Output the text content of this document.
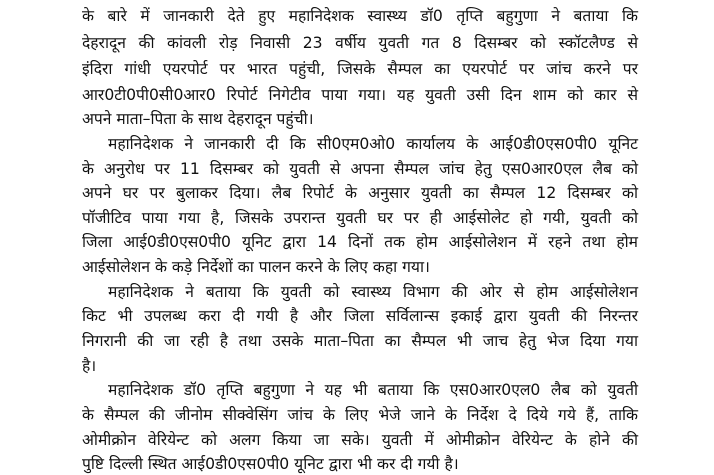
के बारे में जानकारी देते हुए महानिदेशक स्वास्थ्य डॉ0 तृप्ति बहुगुणा ने बताया कि
देहरादून की कांवली रोड़ निवासी 23 वर्षीय युवती गत 8 दिसम्बर को स्कॉटलैण्ड से
इंदिरा गांधी एयरपोर्ट पर भारत पहुंची, जिसके सैम्पल का एयरपोर्ट पर जांच करने पर
आर0टी0पी0सी0आर0 रिपोर्ट निगेटीव पाया गया। यह युवती उसी दिन शाम को कार से
अपने माता–पिता के साथ देहरादून पहुंची।
महानिदेशक ने जानकारी दी कि सी0एम0ओ0 कार्यालय के आई0डी0एस0पी0 यूनिट
के अनुरोध पर 11 दिसम्बर को युवती से अपना सैम्पल जांच हेतु एस0आर0एल लैब को
अपने घर पर बुलाकर दिया। लैब रिपोर्ट के अनुसार युवती का सैम्पल 12 दिसम्बर को
पॉजीटिव पाया गया है, जिसके उपरान्त युवती घर पर ही आईसोलेट हो गयी, युवती को
जिला आई0डी0एस0पी0 यूनिट द्वारा 14 दिनों तक होम आईसोलेशन में रहने तथा होम
आईसोलेशन के कड़े निर्देशों का पालन करने के लिए कहा गया।
महानिदेशक ने बताया कि युवती को स्वास्थ्य विभाग की ओर से होम आईसोलेशन
किट भी उपलब्ध करा दी गयी है और जिला सर्विलान्स इकाई द्वारा युवती की निरन्तर
निगरानी की जा रही है तथा उसके माता–पिता का सैम्पल भी जाच हेतु भेज दिया गया
है।
महानिदेशक डॉ0 तृप्ति बहुगुणा ने यह भी बताया कि एस0आर0एल0 लैब को युवती
के सैम्पल की जीनोम सीक्वेसिंग जांच के लिए भेजे जाने के निर्देश दे दिये गये हैं, ताकि
ओमीक्रोन वेरियेन्ट को अलग किया जा सके। युवती में ओमीक्रोन वेरियेन्ट के होने की
पुष्टि दिल्ली स्थित आई0डी0एस0पी0 यूनिट द्वारा भी कर दी गयी है।
